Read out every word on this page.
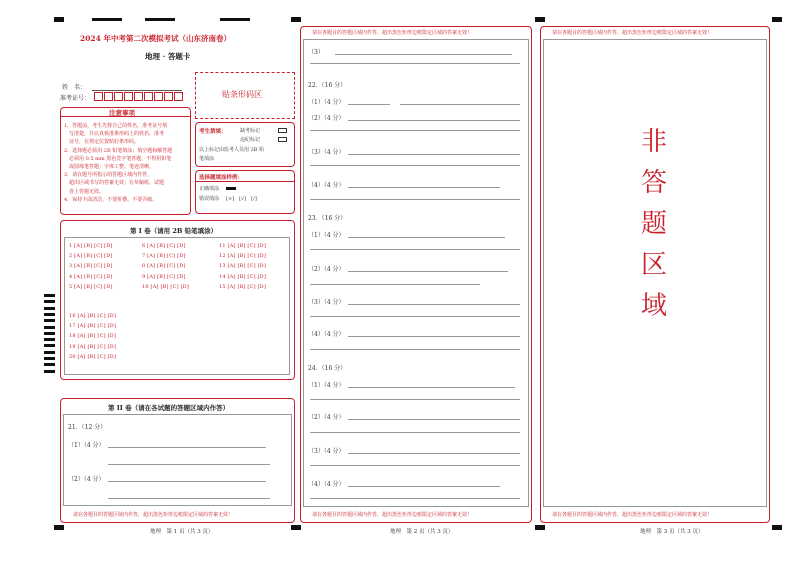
2024 年中考第二次模拟考试（山东济南卷）
地理 · 答题卡
姓　名：
准考证号：	贴条形码区
注意事项
1．答题前，考生先将自己的姓名，准考证号填
　写清楚，并认真核准条形码上的姓名、准考
　证号，在规定位置贴好条形码。
2．选择题必须用 2B 铅笔填涂；填空题和解答题
　必须用 0.5 mm 黑色签字笔答题，不得用铅笔
　或圆珠笔答题；字体工整、笔迹清晰。
3．请在题号所指示的答题区域内作答，
　超出区域书写的答案无效；在草稿纸、试题
　卷上答题无效。
4．保持卡面清洁，不要折叠、不要弄破。
考生禁填：	缺考标记
违纪标记
以上标记由监考人员用 2B 铅
笔填涂
选择题填涂样例：
正确填涂
错误填涂 [×]　[√]　[/]
第 I 卷（请用 2B 铅笔填涂）
1 [A] [B] [C] [D]
2 [A] [B] [C] [D]
3 [A] [B] [C] [D]
4 [A] [B] [C] [D]
5 [A] [B] [C] [D]
6 [A] [B] [C] [D]
7 [A] [B] [C] [D]
8 [A] [B] [C] [D]
9 [A] [B] [C] [D]
10 [A] [B] [C] [D]
11 [A] [B] [C] [D]
12 [A] [B] [C] [D]
13 [A] [B] [C] [D]
14 [A] [B] [C] [D]
15 [A] [B] [C] [D]
16 [A] [B] [C] [D]
17 [A] [B] [C] [D]
18 [A] [B] [C] [D]
19 [A] [B] [C] [D]
20 [A] [B] [C] [D]
第 II 卷（请在各试题的答题区域内作答）
21．（12 分）
（1）（4 分）
（2）（4 分）
请在各题目的答题区域内作答，超出黑色矩形边框限定区域的答案无效！
地理　第 1 页（共 3 页）
请在各题目的答题区域内作答，超出黑色矩形边框限定区域的答案无效！
（3）
22．（16 分）
（1）（4 分）
（2）（4 分）
（3）（4 分）
（4）（4 分）
23．（16 分）
（1）（4 分）
（2）（4 分）
（3）（4 分）
（4）（4 分）
24．（16 分）
（1）（4 分）
（2）（4 分）
（3）（4 分）
（4）（4 分）
请在各题目的答题区域内作答，超出黑色矩形边框限定区域的答案无效！
地理　第 2 页（共 3 页）
请在各题目的答题区域内作答，超出黑色矩形边框限定区域的答案无效！
非
答
题
区
域
请在各题目的答题区域内作答，超出黑色矩形边框限定区域的答案无效！
地理　第 3 页（共 3 页）
